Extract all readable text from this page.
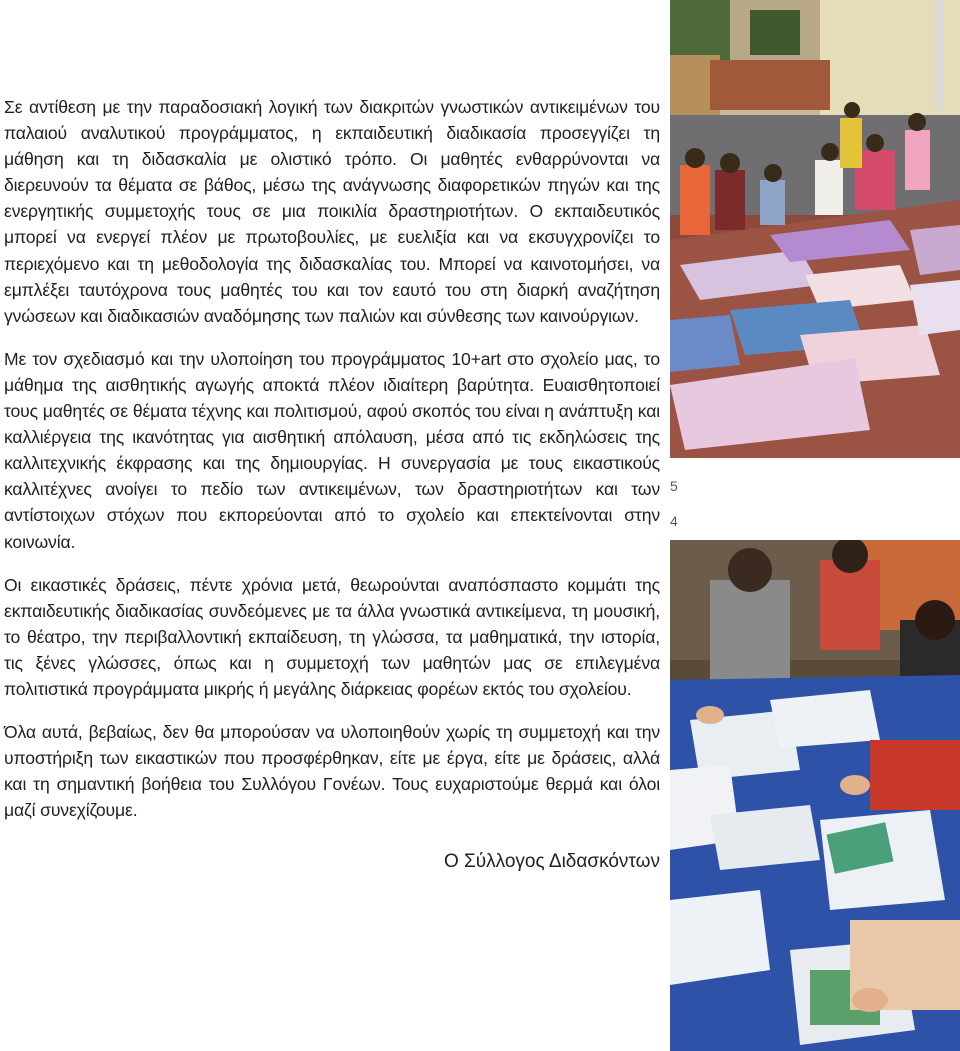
Σε αντίθεση με την παραδοσιακή λογική των διακριτών γνωστικών αντικειμένων του παλαιού αναλυτικού προγράμματος, η εκπαιδευτική διαδικασία προσεγγίζει τη μάθηση και τη διδασκαλία με ολιστικό τρόπο. Οι μαθητές ενθαρρύνονται να διερευνούν τα θέματα σε βάθος, μέσω της ανάγνωσης διαφορετικών πηγών και της ενεργητικής συμμετοχής τους σε μια ποικιλία δραστηριοτήτων. Ο εκπαιδευτικός μπορεί να ενεργεί πλέον με πρωτοβουλίες, με ευελιξία και να εκσυγχρονίζει το περιεχόμενο και τη μεθοδολογία της διδασκαλίας του. Μπορεί να καινοτομήσει, να εμπλέξει ταυτόχρονα τους μαθητές του και τον εαυτό του στη διαρκή αναζήτηση γνώσεων και διαδικασιών αναδόμησης των παλιών και σύνθεσης των καινούργιων.

Με τον σχεδιασμό και την υλοποίηση του προγράμματος 10+art στο σχολείο μας, το μάθημα της αισθητικής αγωγής αποκτά πλέον ιδιαίτερη βαρύτητα. Ευαισθητοποιεί τους μαθητές σε θέματα τέχνης και πολιτισμού, αφού σκοπός του είναι η ανάπτυξη και καλλιέργεια της ικανότητας για αισθητική απόλαυση, μέσα από τις εκδηλώσεις της καλλιτεχνικής έκφρασης και της δημιουργίας. Η συνεργασία με τους εικαστικούς καλλιτέχνες ανοίγει το πεδίο των αντικειμένων, των δραστηριοτήτων και των αντίστοιχων στόχων που εκπορεύονται από το σχολείο και επεκτείνονται στην κοινωνία.

Οι εικαστικές δράσεις, πέντε χρόνια μετά, θεωρούνται αναπόσπαστο κομμάτι της εκπαιδευτικής διαδικασίας συνδεόμενες με τα άλλα γνωστικά αντικείμενα, τη μουσική, το θέατρο, την περιβαλλοντική εκπαίδευση, τη γλώσσα, τα μαθηματικά, την ιστορία, τις ξένες γλώσσες, όπως και η συμμετοχή των μαθητών μας σε επιλεγμένα πολιτιστικά προγράμματα μικρής ή μεγάλης διάρκειας φορέων εκτός του σχολείου.

Όλα αυτά, βεβαίως, δεν θα μπορούσαν να υλοποιηθούν χωρίς τη συμμετοχή και την υποστήριξη των εικαστικών που προσφέρθηκαν, είτε με έργα, είτε με δράσεις, αλλά και τη σημαντική βοήθεια του Συλλόγου Γονέων. Τους ευχαριστούμε θερμά και όλοι μαζί συνεχίζουμε.

Ο Σύλλογος Διδασκόντων
5
4
